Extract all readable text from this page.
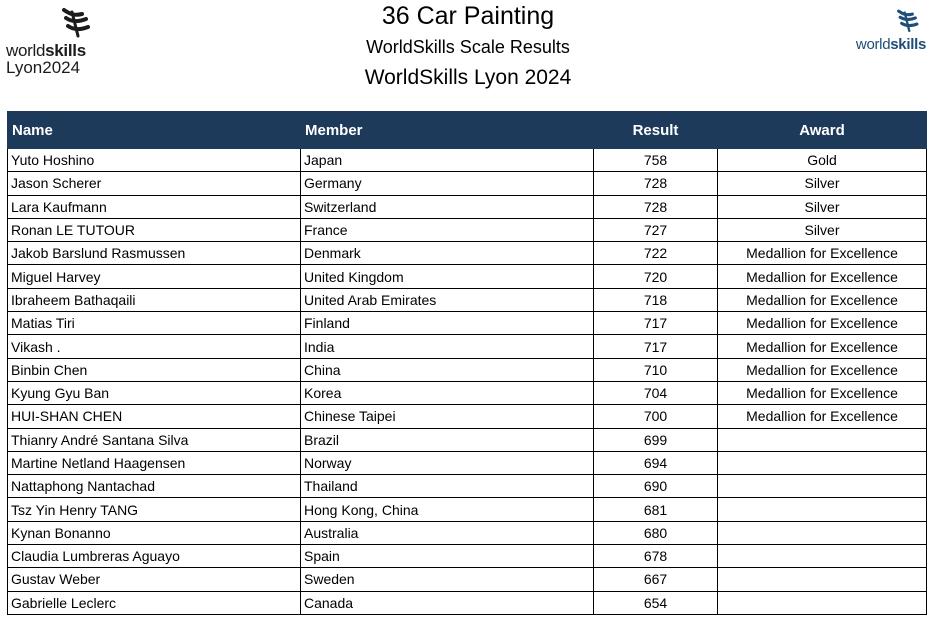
worldskills
Lyon2024
36 Car Painting
WorldSkills Scale Results
WorldSkills Lyon 2024
worldskills
Name	Member	Result	Award
Yuto Hoshino	Japan	758	Gold
Jason Scherer	Germany	728	Silver
Lara Kaufmann	Switzerland	728	Silver
Ronan LE TUTOUR	France	727	Silver
Jakob Barslund Rasmussen	Denmark	722	Medallion for Excellence
Miguel Harvey	United Kingdom	720	Medallion for Excellence
Ibraheem Bathaqaili	United Arab Emirates	718	Medallion for Excellence
Matias Tiri	Finland	717	Medallion for Excellence
Vikash .	India	717	Medallion for Excellence
Binbin Chen	China	710	Medallion for Excellence
Kyung Gyu Ban	Korea	704	Medallion for Excellence
HUI-SHAN CHEN	Chinese Taipei	700	Medallion for Excellence
Thianry André Santana Silva	Brazil	699	
Martine Netland Haagensen	Norway	694	
Nattaphong Nantachad	Thailand	690	
Tsz Yin Henry TANG	Hong Kong, China	681	
Kynan Bonanno	Australia	680	
Claudia Lumbreras Aguayo	Spain	678	
Gustav Weber	Sweden	667	
Gabrielle Leclerc	Canada	654	
